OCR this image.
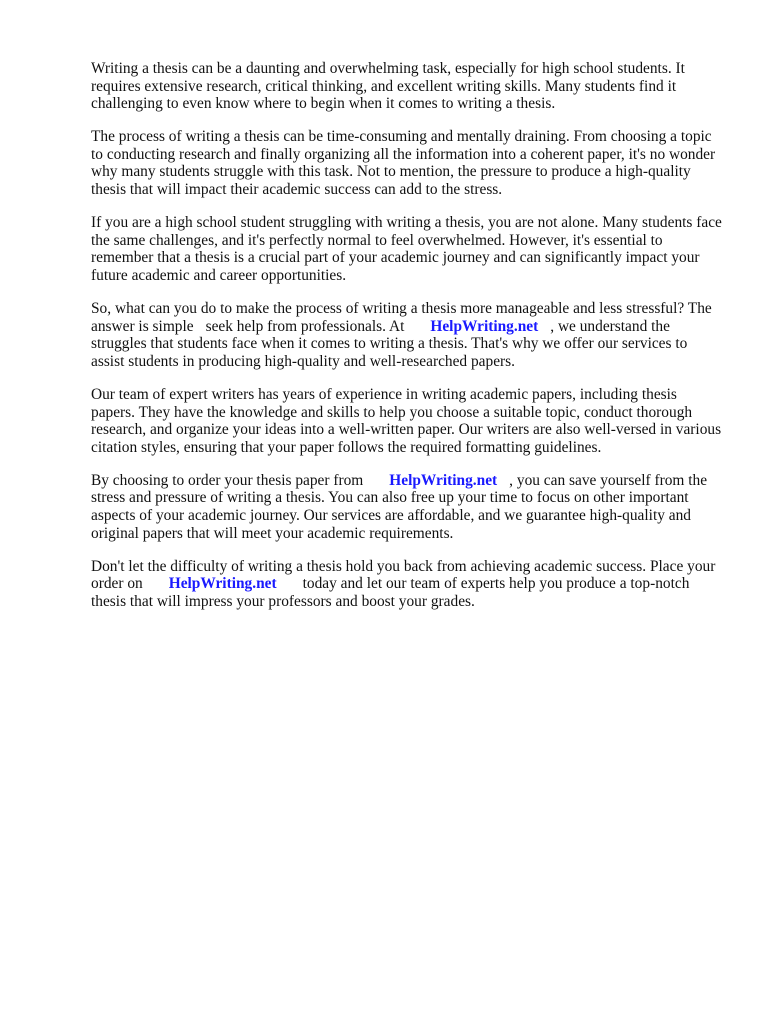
Writing a thesis can be a daunting and overwhelming task, especially for high school students. It requires extensive research, critical thinking, and excellent writing skills. Many students find it challenging to even know where to begin when it comes to writing a thesis.

The process of writing a thesis can be time-consuming and mentally draining. From choosing a topic to conducting research and finally organizing all the information into a coherent paper, it's no wonder why many students struggle with this task. Not to mention, the pressure to produce a high-quality thesis that will impact their academic success can add to the stress.

If you are a high school student struggling with writing a thesis, you are not alone. Many students face the same challenges, and it's perfectly normal to feel overwhelmed. However, it's essential to remember that a thesis is a crucial part of your academic journey and can significantly impact your future academic and career opportunities.

So, what can you do to make the process of writing a thesis more manageable and less stressful? The answer is simple seek help from professionals. At HelpWriting.net , we understand the struggles that students face when it comes to writing a thesis. That's why we offer our services to assist students in producing high-quality and well-researched papers.

Our team of expert writers has years of experience in writing academic papers, including thesis papers. They have the knowledge and skills to help you choose a suitable topic, conduct thorough research, and organize your ideas into a well-written paper. Our writers are also well-versed in various citation styles, ensuring that your paper follows the required formatting guidelines.

By choosing to order your thesis paper from HelpWriting.net , you can save yourself from the stress and pressure of writing a thesis. You can also free up your time to focus on other important aspects of your academic journey. Our services are affordable, and we guarantee high-quality and original papers that will meet your academic requirements.

Don't let the difficulty of writing a thesis hold you back from achieving academic success. Place your order on HelpWriting.net today and let our team of experts help you produce a top-notch thesis that will impress your professors and boost your grades.
